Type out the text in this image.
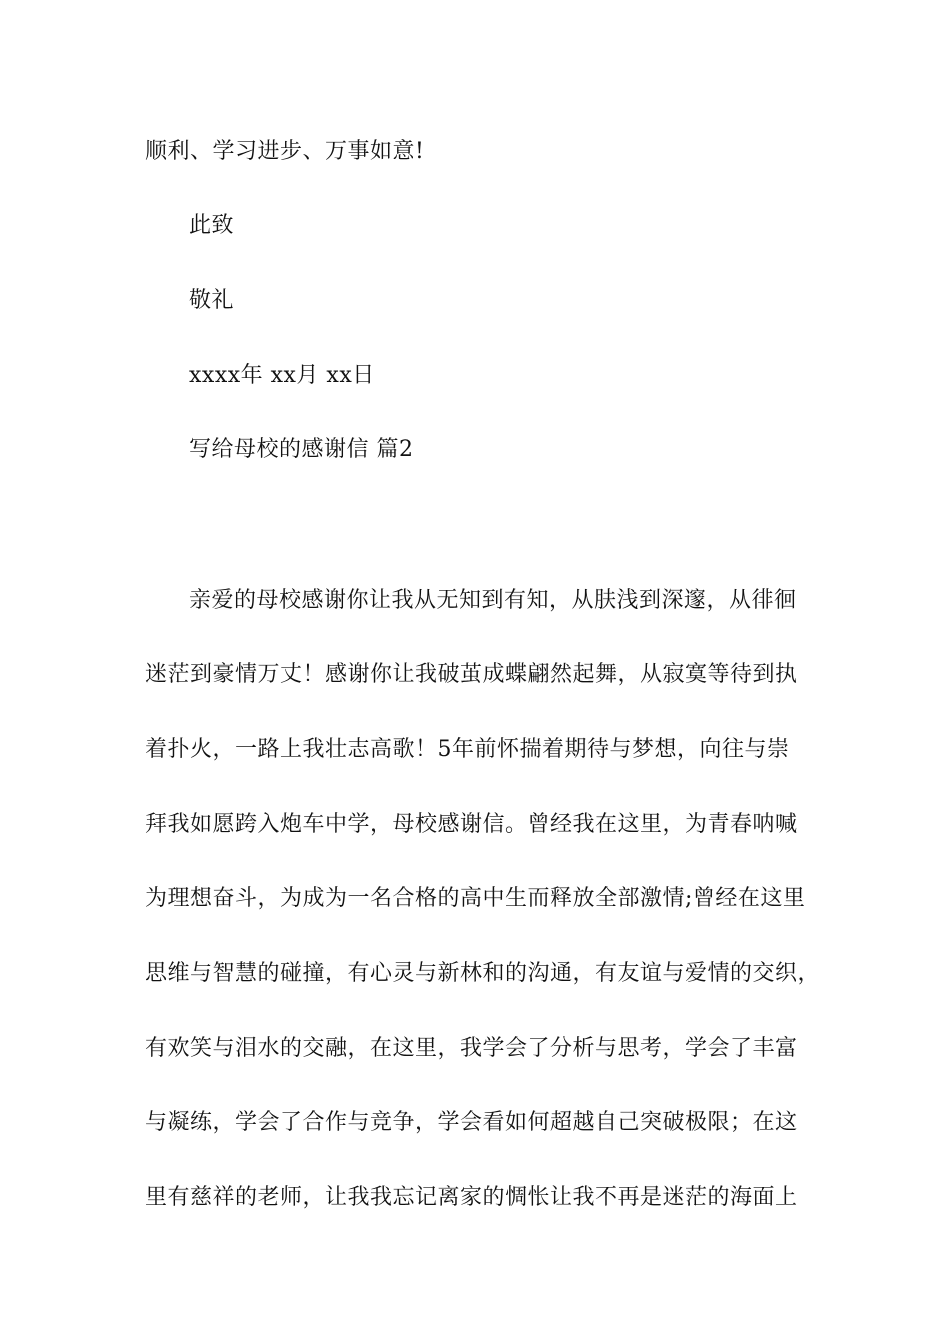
顺利、学习进步、万事如意!
此致
敬礼
xxxx年 xx月 xx日
写给母校的感谢信 篇2
亲爱的母校感谢你让我从无知到有知，从肤浅到深邃，从徘徊
迷茫到豪情万丈！感谢你让我破茧成蝶翩然起舞，从寂寞等待到执
着扑火，一路上我壮志高歌！5年前怀揣着期待与梦想，向往与崇
拜我如愿跨入炮车中学，母校感谢信。曾经我在这里，为青春呐喊
为理想奋斗，为成为一名合格的高中生而释放全部激情;曾经在这里
思维与智慧的碰撞，有心灵与新林和的沟通，有友谊与爱情的交织，
有欢笑与泪水的交融，在这里，我学会了分析与思考，学会了丰富
与凝练，学会了合作与竞争，学会看如何超越自己突破极限；在这
里有慈祥的老师，让我我忘记离家的惆怅让我不再是迷茫的海面上
